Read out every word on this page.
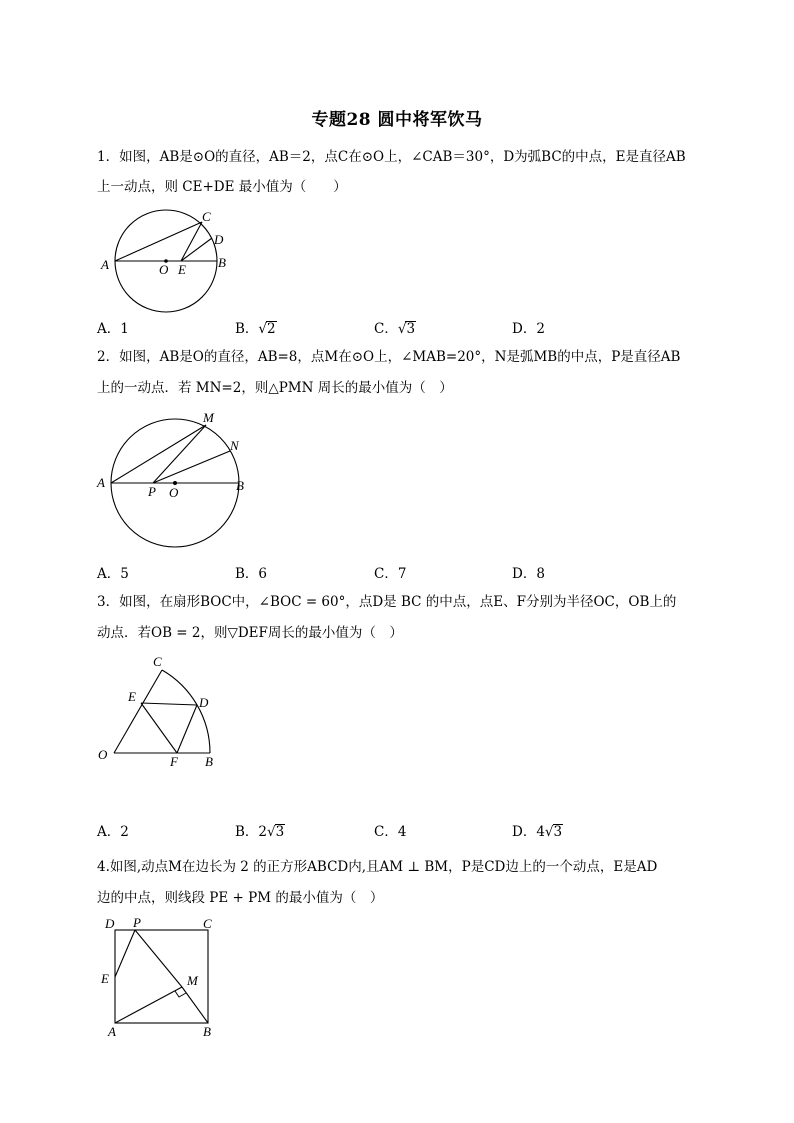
专题28 圆中将军饮马
1．如图，AB是⊙O的直径，AB＝2，点C在⊙O上，∠CAB＝30°，D为弧BC的中点，E是直径AB
上一动点，则 CE+DE 最小值为（　　）
A	B
C
D
O E
A．1	B．√2	C．√3	D．2
2．如图，AB是O的直径，AB=8，点M在⊙O上，∠MAB=20°，N是弧MB的中点，P是直径AB
上的一动点．若 MN=2，则△PMN 周长的最小值为（　）
A	B
M
N
P O
A．5	B．6	C．7	D．8
3．如图，在扇形BOC中，∠BOC = 60°，点D是 BC 的中点，点E、F分别为半径OC，OB上的
动点．若OB = 2，则▽DEF周长的最小值为（　）
C
D
E
O	F B
A．2	B．2√3	C．4	D．4√3
4.如图,动点M在边长为 2 的正方形ABCD内,且AM ⊥ BM，P是CD边上的一个动点，E是AD
边的中点，则线段 PE + PM 的最小值为（　）
D P	C
E	M
A	B
